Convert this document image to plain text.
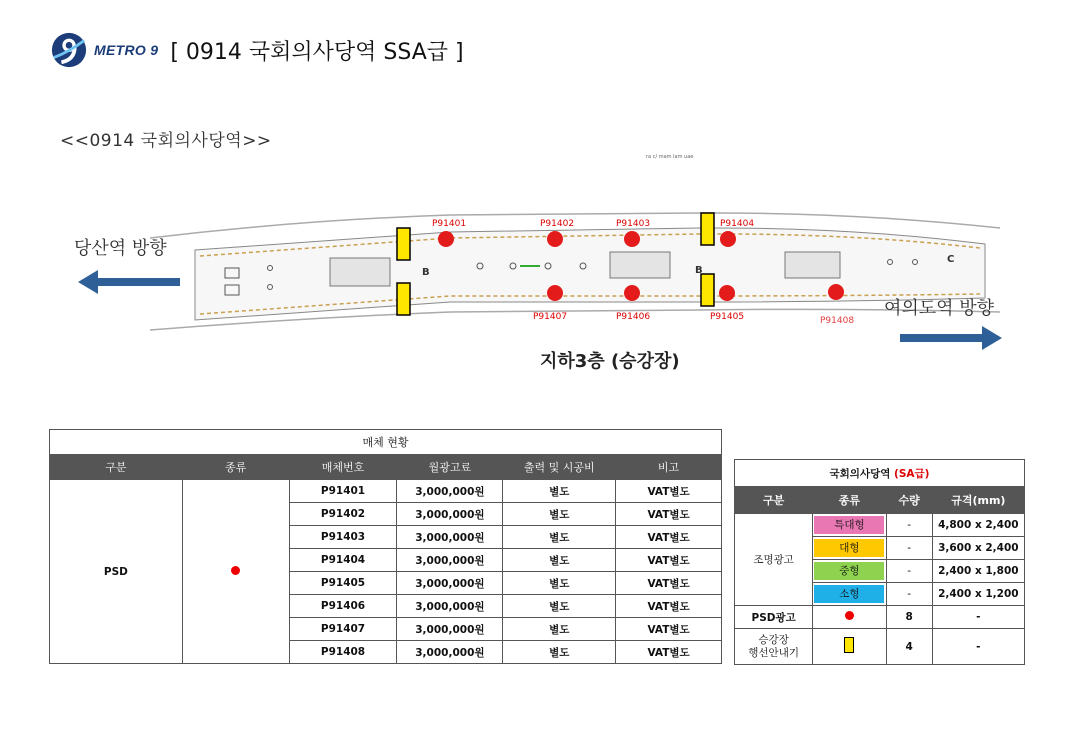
METRO 9 [ 0914 국회의사당역 SSA급 ]
<<0914 국회의사당역>>
ra c/ mam lam uae
P91401	P91402	P91403	P91404
P91407	P91406	P91405	P91408
B	B
C
당산역 방향
여의도역 방향
지하3층 (승강장)
매체 현황					
구분	종류	매체번호	월광고료	출력 및 시공비	비고
PSD		P91401	3,000,000원	별도	VAT별도
		P91402	3,000,000원	별도	VAT별도
		P91403	3,000,000원	별도	VAT별도
		P91404	3,000,000원	별도	VAT별도
		P91405	3,000,000원	별도	VAT별도
		P91406	3,000,000원	별도	VAT별도
		P91407	3,000,000원	별도	VAT별도
		P91408	3,000,000원	별도	VAT별도
국회의사당역 (SA급)			
구분	종류	수량	규격(mm)
조명광고	특대형	-	4,800 x 2,400
	대형	-	3,600 x 2,400
	중형	-	2,400 x 1,800
	소형	-	2,400 x 1,200
PSD광고		8	-
승강장
행선안내기		4	-
